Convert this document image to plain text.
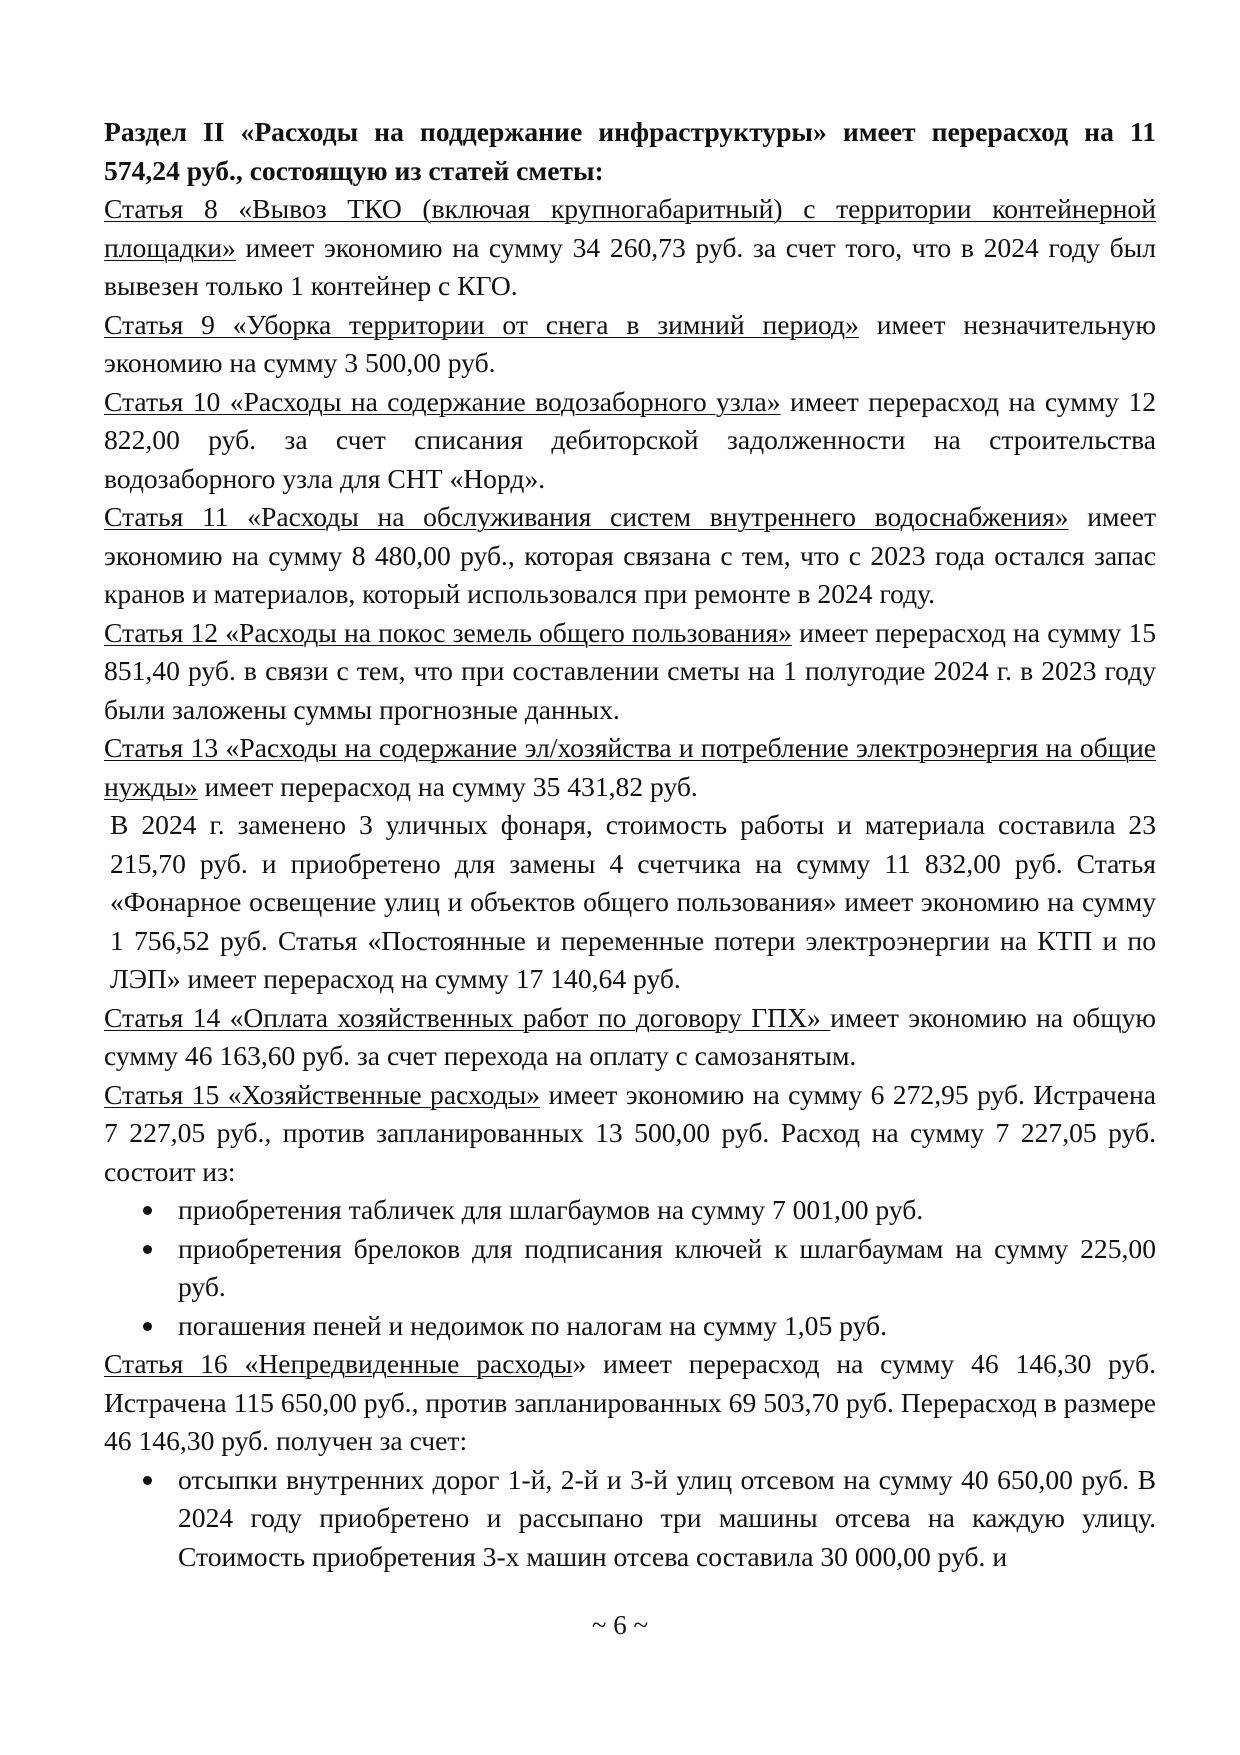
Раздел II «Расходы на поддержание инфраструктуры» имеет перерасход на 11 574,24 руб., состоящую из статей сметы:

Статья 8 «Вывоз ТКО (включая крупногабаритный) с территории контейнерной площадки» имеет экономию на сумму 34 260,73 руб. за счет того, что в 2024 году был вывезен только 1 контейнер с КГО.

Статья 9 «Уборка территории от снега в зимний период» имеет незначительную экономию на сумму 3 500,00 руб.

Статья 10 «Расходы на содержание водозаборного узла» имеет перерасход на сумму 12 822,00 руб. за счет списания дебиторской задолженности на строительства водозаборного узла для СНТ «Норд».

Статья 11 «Расходы на обслуживания систем внутреннего водоснабжения» имеет экономию на сумму 8 480,00 руб., которая связана с тем, что с 2023 года остался запас кранов и материалов, который использовался при ремонте в 2024 году.

Статья 12 «Расходы на покос земель общего пользования» имеет перерасход на сумму 15 851,40 руб. в связи с тем, что при составлении сметы на 1 полугодие 2024 г. в 2023 году были заложены суммы прогнозные данных.

Статья 13 «Расходы на содержание эл/хозяйства и потребление электроэнергия на общие нужды» имеет перерасход на сумму 35 431,82 руб.

В 2024 г. заменено 3 уличных фонаря, стоимость работы и материала составила 23 215,70 руб. и приобретено для замены 4 счетчика на сумму 11 832,00 руб. Статья «Фонарное освещение улиц и объектов общего пользования» имеет экономию на сумму 1 756,52 руб. Статья «Постоянные и переменные потери электроэнергии на КТП и по ЛЭП» имеет перерасход на сумму 17 140,64 руб.

Статья 14 «Оплата хозяйственных работ по договору ГПХ» имеет экономию на общую сумму 46 163,60 руб. за счет перехода на оплату с самозанятым.

Статья 15 «Хозяйственные расходы» имеет экономию на сумму 6 272,95 руб. Истрачена 7 227,05 руб., против запланированных 13 500,00 руб. Расход на сумму 7 227,05 руб. состоит из:

приобретения табличек для шлагбаумов на сумму 7 001,00 руб.
приобретения брелоков для подписания ключей к шлагбаумам на сумму 225,00 руб.
погашения пеней и недоимок по налогам на сумму 1,05 руб.

Статья 16 «Непредвиденные расходы» имеет перерасход на сумму 46 146,30 руб. Истрачена 115 650,00 руб., против запланированных 69 503,70 руб. Перерасход в размере 46 146,30 руб. получен за счет:

отсыпки внутренних дорог 1-й, 2-й и 3-й улиц отсевом на сумму 40 650,00 руб. В 2024 году приобретено и рассыпано три машины отсева на каждую улицу. Стоимость приобретения 3-х машин отсева составила 30 000,00 руб. и
~ 6 ~
